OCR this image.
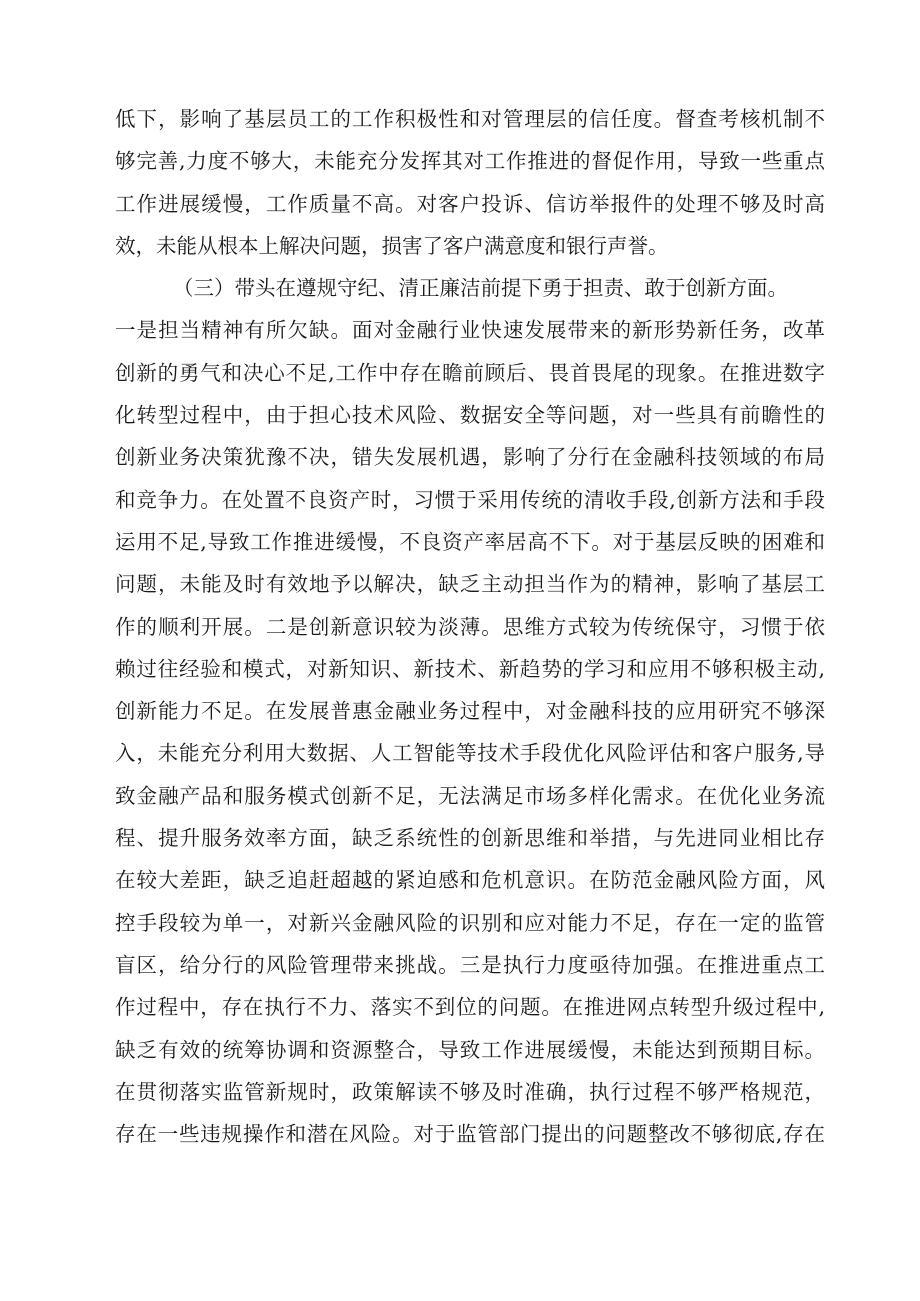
低下，影响了基层员工的工作积极性和对管理层的信任度。督查考核机制不
够完善,力度不够大，未能充分发挥其对工作推进的督促作用，导致一些重点
工作进展缓慢，工作质量不高。对客户投诉、信访举报件的处理不够及时高
效，未能从根本上解决问题，损害了客户满意度和银行声誉。
（三）带头在遵规守纪、清正廉洁前提下勇于担责、敢于创新方面。
一是担当精神有所欠缺。面对金融行业快速发展带来的新形势新任务，改革
创新的勇气和决心不足,工作中存在瞻前顾后、畏首畏尾的现象。在推进数字
化转型过程中，由于担心技术风险、数据安全等问题，对一些具有前瞻性的
创新业务决策犹豫不决，错失发展机遇，影响了分行在金融科技领域的布局
和竞争力。在处置不良资产时，习惯于采用传统的清收手段,创新方法和手段
运用不足,导致工作推进缓慢，不良资产率居高不下。对于基层反映的困难和
问题，未能及时有效地予以解决，缺乏主动担当作为的精神，影响了基层工
作的顺利开展。二是创新意识较为淡薄。思维方式较为传统保守，习惯于依
赖过往经验和模式，对新知识、新技术、新趋势的学习和应用不够积极主动,
创新能力不足。在发展普惠金融业务过程中，对金融科技的应用研究不够深
入，未能充分利用大数据、人工智能等技术手段优化风险评估和客户服务,导
致金融产品和服务模式创新不足，无法满足市场多样化需求。在优化业务流
程、提升服务效率方面，缺乏系统性的创新思维和举措，与先进同业相比存
在较大差距，缺乏追赶超越的紧迫感和危机意识。在防范金融风险方面，风
控手段较为单一，对新兴金融风险的识别和应对能力不足，存在一定的监管
盲区，给分行的风险管理带来挑战。三是执行力度亟待加强。在推进重点工
作过程中，存在执行不力、落实不到位的问题。在推进网点转型升级过程中,
缺乏有效的统筹协调和资源整合，导致工作进展缓慢，未能达到预期目标。
在贯彻落实监管新规时，政策解读不够及时准确，执行过程不够严格规范，
存在一些违规操作和潜在风险。对于监管部门提出的问题整改不够彻底,存在
